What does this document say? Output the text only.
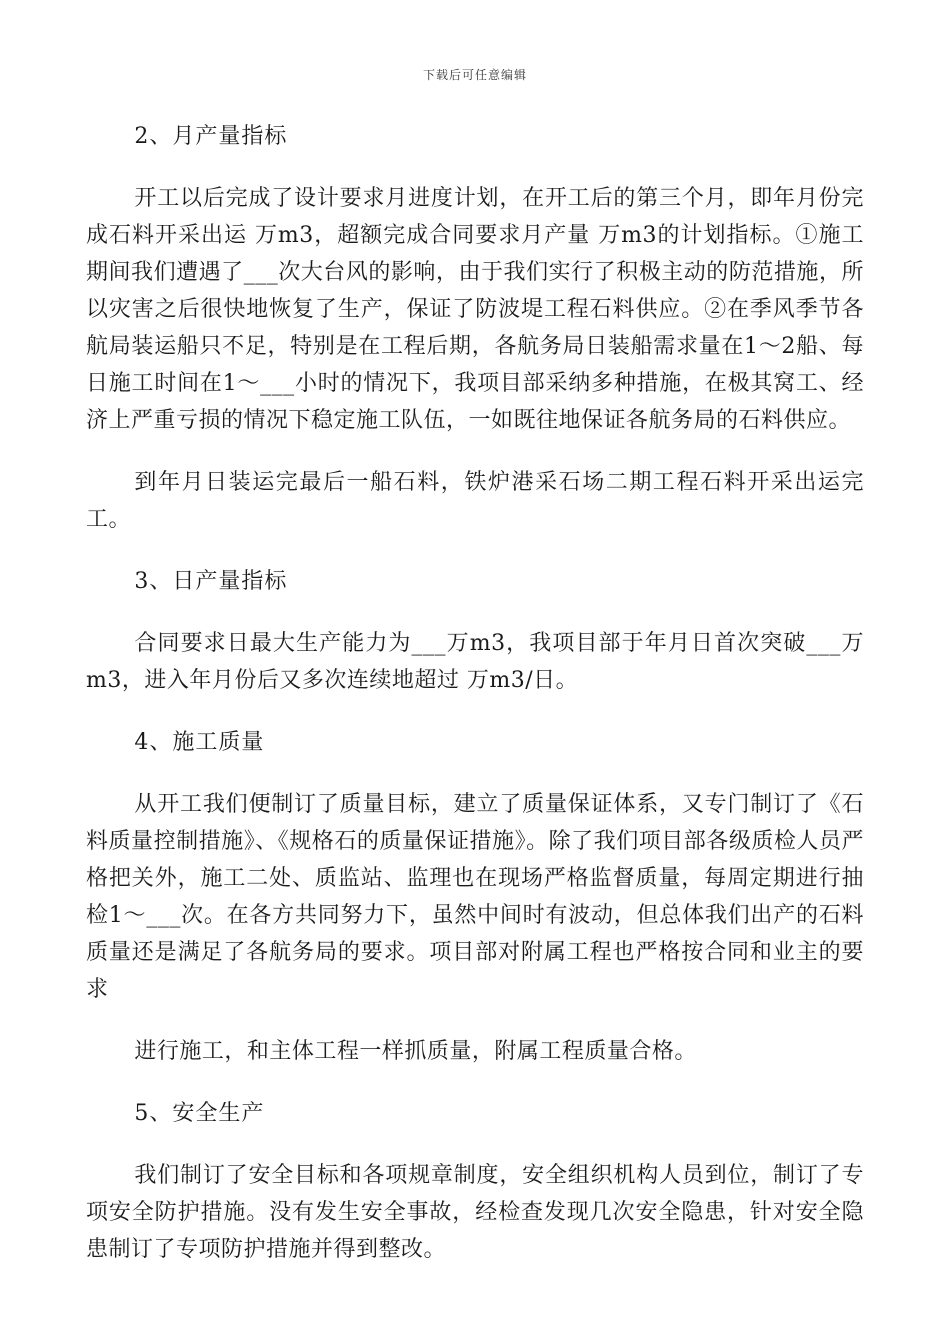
下载后可任意编辑
2、月产量指标
开工以后完成了设计要求月进度计划，在开工后的第三个月，即年月份完成石料开采出运 万m3，超额完成合同要求月产量 万m3的计划指标。①施工期间我们遭遇了___次大台风的影响，由于我们实行了积极主动的防范措施，所以灾害之后很快地恢复了生产，保证了防波堤工程石料供应。②在季风季节各航局装运船只不足，特别是在工程后期，各航务局日装船需求量在1～2船、每日施工时间在1～___小时的情况下，我项目部采纳多种措施，在极其窝工、经济上严重亏损的情况下稳定施工队伍，一如既往地保证各航务局的石料供应。
到年月日装运完最后一船石料，铁炉港采石场二期工程石料开采出运完工。
3、日产量指标
合同要求日最大生产能力为___万m3，我项目部于年月日首次突破___万m3，进入年月份后又多次连续地超过 万m3/日。
4、施工质量
从开工我们便制订了质量目标，建立了质量保证体系，又专门制订了《石料质量控制措施》、《规格石的质量保证措施》。除了我们项目部各级质检人员严格把关外，施工二处、质监站、监理也在现场严格监督质量，每周定期进行抽检1～___次。在各方共同努力下，虽然中间时有波动，但总体我们出产的石料质量还是满足了各航务局的要求。项目部对附属工程也严格按合同和业主的要求
进行施工，和主体工程一样抓质量，附属工程质量合格。
5、安全生产
我们制订了安全目标和各项规章制度，安全组织机构人员到位，制订了专项安全防护措施。没有发生安全事故，经检查发现几次安全隐患，针对安全隐患制订了专项防护措施并得到整改。
